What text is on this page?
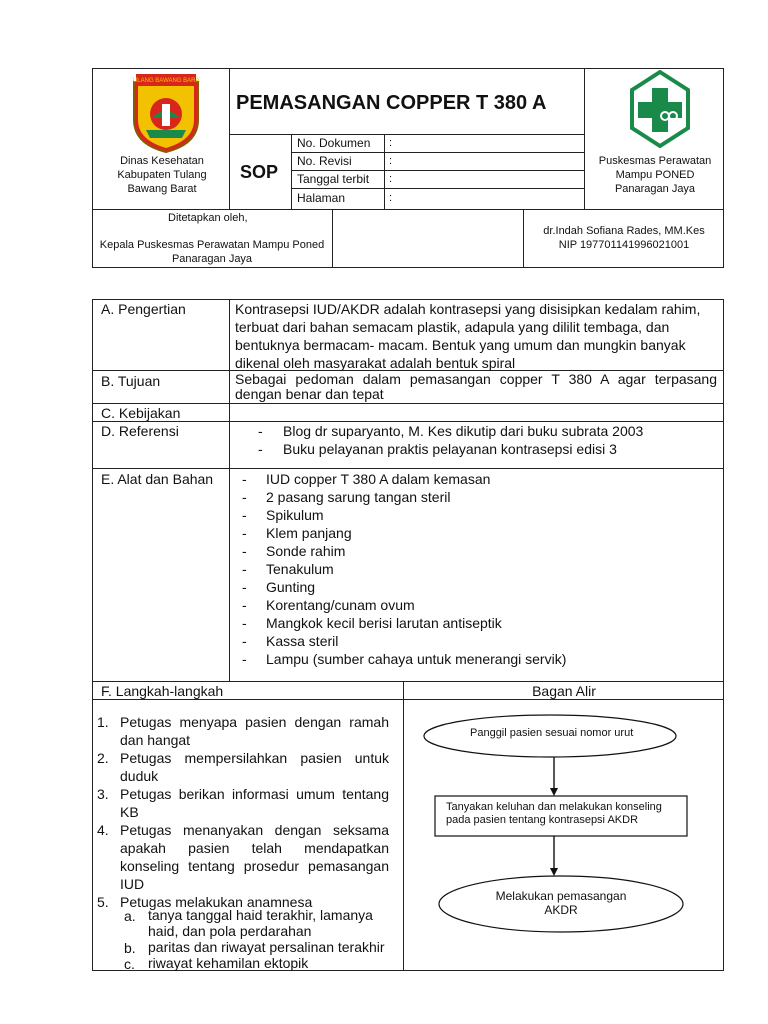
TULANG BAWANG BARAT
Dinas Kesehatan Kabupaten Tulang Bawang Barat
PEMASANGAN COPPER T 380 A
SOP
No. Dokumen :
No. Revisi	:
Tanggal terbit :
Halaman	:
Puskesmas Perawatan Mampu PONED Panaragan Jaya
Ditetapkan oleh,
Kepala Puskesmas Perawatan Mampu Poned Panaragan Jaya
dr.Indah Sofiana Rades, MM.Kes
NIP 197701141996021001
A. Pengertian	Kontrasepsi IUD/AKDR adalah kontrasepsi yang disisipkan kedalam rahim, terbuat dari bahan semacam plastik, adapula yang dililit tembaga, dan bentuknya bermacam- macam. Bentuk yang umum dan mungkin banyak dikenal oleh masyarakat adalah bentuk spiral
B. Tujuan	Sebagai pedoman dalam pemasangan copper T 380 A agar terpasang dengan benar dan tepat
C. Kebijakan
D. Referensi	- Blog dr suparyanto, M. Kes dikutip dari buku subrata 2003
- Buku pelayanan praktis pelayanan kontrasepsi edisi 3
E. Alat dan Bahan - IUD copper T 380 A dalam kemasan
- 2 pasang sarung tangan steril
- Spikulum
- Klem panjang
- Sonde rahim
- Tenakulum
- Gunting
- Korentang/cunam ovum
- Mangkok kecil berisi larutan antiseptik
- Kassa steril
- Lampu (sumber cahaya untuk menerangi servik)
F. Langkah-langkah	Bagan Alir
1. Petugas menyapa pasien dengan ramah dan hangat
2. Petugas mempersilahkan pasien untuk duduk
3. Petugas berikan informasi umum tentang KB
4. Petugas menanyakan dengan seksama apakah pasien telah mendapatkan konseling tentang prosedur pemasangan IUD
5. Petugas melakukan anamnesa
a. tanya tanggal haid terakhir, lamanya haid, dan pola perdarahan
b. paritas dan riwayat persalinan terakhir
c. riwayat kehamilan ektopik
Panggil pasien sesuai nomor urut
Tanyakan keluhan dan melakukan konseling pada pasien tentang kontrasepsi AKDR
Melakukan pemasangan AKDR
